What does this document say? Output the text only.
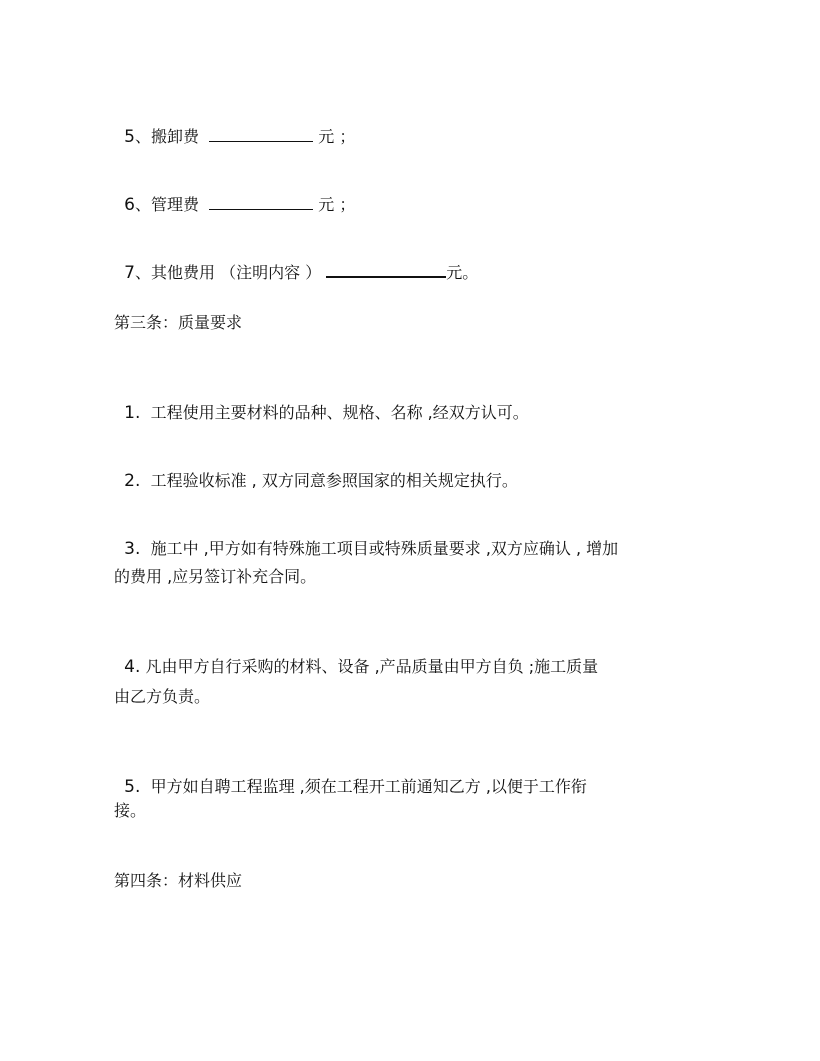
5、搬卸费	元 ；

6、管理费	元 ；

7、其他费用 （注明内容 ）	元。

第三条：质量要求

1. 工程使用主要材料的品种、规格、名称 ,经双方认可。

2. 工程验收标准 , 双方同意参照国家的相关规定执行。

3. 施工中 ,甲方如有特殊施工项目或特殊质量要求 ,双方应确认 , 增加

的费用 ,应另签订补充合同。

4. 凡由甲方自行采购的材料、设备 ,产品质量由甲方自负 ;施工质量

由乙方负责。

5. 甲方如自聘工程监理 ,须在工程开工前通知乙方 ,以便于工作衔

接。
第四条：材料供应
